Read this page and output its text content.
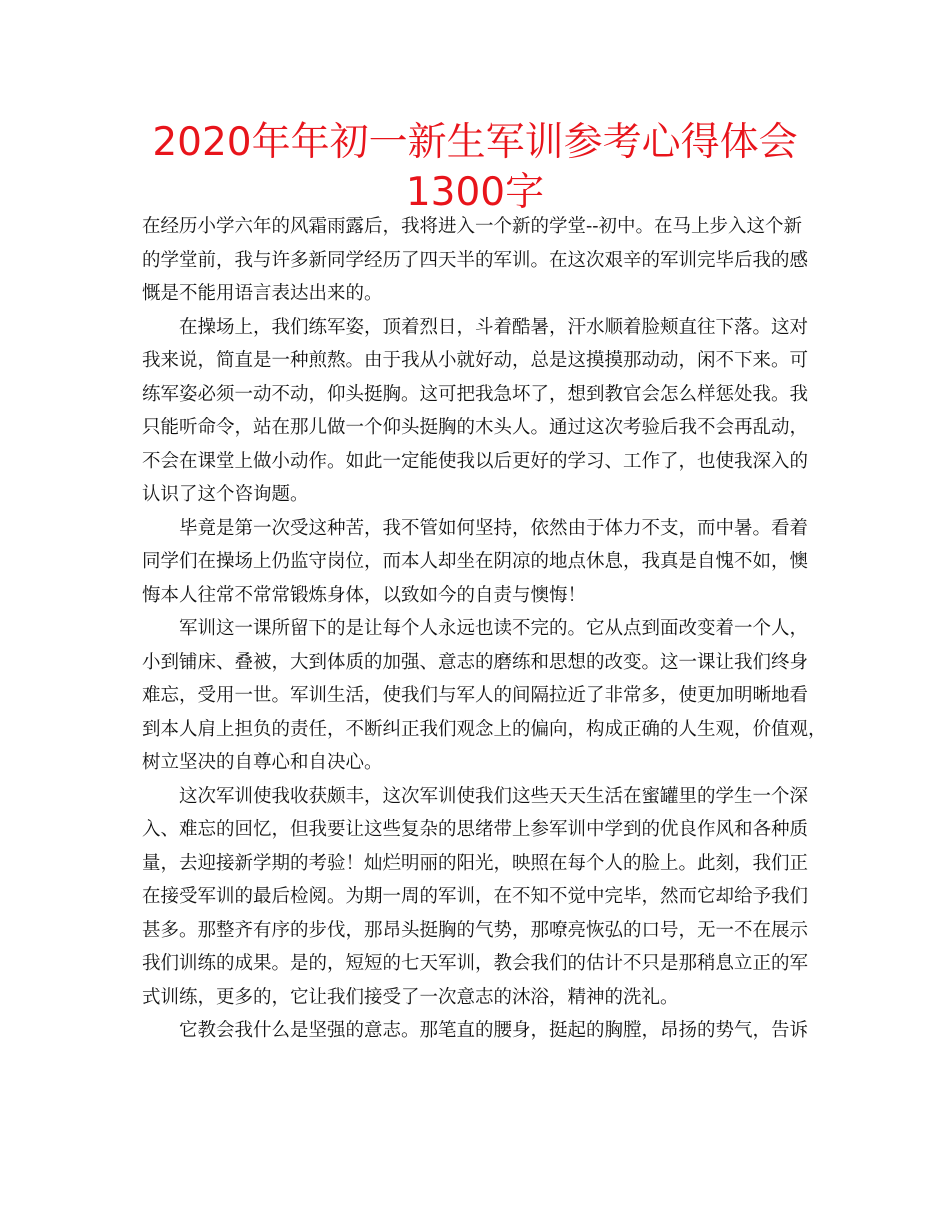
2020年年初一新生军训参考心得体会
1300字
在经历小学六年的风霜雨露后，我将进入一个新的学堂--初中。在马上步入这个新
的学堂前，我与许多新同学经历了四天半的军训。在这次艰辛的军训完毕后我的感
慨是不能用语言表达出来的。
在操场上，我们练军姿，顶着烈日，斗着酷暑，汗水顺着脸颊直往下落。这对
我来说，简直是一种煎熬。由于我从小就好动，总是这摸摸那动动，闲不下来。可
练军姿必须一动不动，仰头挺胸。这可把我急坏了，想到教官会怎么样惩处我。我
只能听命令，站在那儿做一个仰头挺胸的木头人。通过这次考验后我不会再乱动，
不会在课堂上做小动作。如此一定能使我以后更好的学习、工作了，也使我深入的
认识了这个咨询题。
毕竟是第一次受这种苦，我不管如何坚持，依然由于体力不支，而中暑。看着
同学们在操场上仍监守岗位，而本人却坐在阴凉的地点休息，我真是自愧不如，懊
悔本人往常不常常锻炼身体，以致如今的自责与懊悔！
军训这一课所留下的是让每个人永远也读不完的。它从点到面改变着一个人，
小到铺床、叠被，大到体质的加强、意志的磨练和思想的改变。这一课让我们终身
难忘，受用一世。军训生活，使我们与军人的间隔拉近了非常多，使更加明晰地看
到本人肩上担负的责任，不断纠正我们观念上的偏向，构成正确的人生观，价值观，
树立坚决的自尊心和自决心。
这次军训使我收获颇丰，这次军训使我们这些天天生活在蜜罐里的学生一个深
入、难忘的回忆，但我要让这些复杂的思绪带上参军训中学到的优良作风和各种质
量，去迎接新学期的考验！灿烂明丽的阳光，映照在每个人的脸上。此刻，我们正
在接受军训的最后检阅。为期一周的军训，在不知不觉中完毕，然而它却给予我们
甚多。那整齐有序的步伐，那昂头挺胸的气势，那嘹亮恢弘的口号，无一不在展示
我们训练的成果。是的，短短的七天军训，教会我们的估计不只是那稍息立正的军
式训练，更多的，它让我们接受了一次意志的沐浴，精神的洗礼。
它教会我什么是坚强的意志。那笔直的腰身，挺起的胸膛，昂扬的势气，告诉
